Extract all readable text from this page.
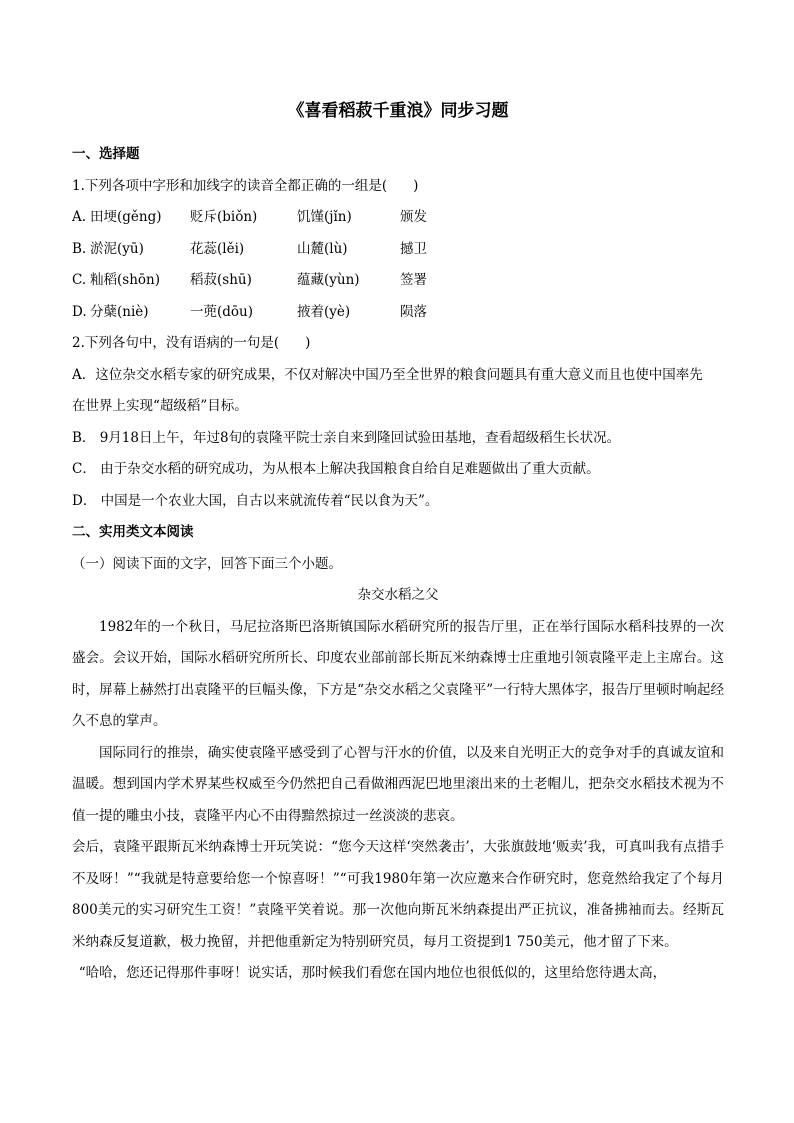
《喜看稻菽千重浪》同步习题
一、选择题
1.下列各项中字形和加线字的读音全都正确的一组是( )
A. 田埂(gěng)	贬斥(biǒn)	饥馑(jǐn)	颁发
B. 淤泥(yū)	花蕊(lěi)	山麓(lù)	撼卫
C. 籼稻(shōn)	稻菽(shū)	蕴藏(yùn)	签署
D. 分蘖(niè)	一蔸(dōu)	掖着(yè)	陨落
2.下列各句中，没有语病的一句是( )
A．这位杂交水稻专家的研究成果，不仅对解决中国乃至全世界的粮食问题具有重大意义而且也使中国率先
在世界上实现“超级稻”目标。
B． 9月18日上午，年过8旬的袁隆平院士亲自来到隆回试验田基地，查看超级稻生长状况。
C． 由于杂交水稻的研究成功，为从根本上解决我国粮食自给自足难题做出了重大贡献。
D． 中国是一个农业大国，自古以来就流传着“民以食为天”。
二、实用类文本阅读
（一）阅读下面的文字，回答下面三个小题。
杂交水稻之父

1982年的一个秋日，马尼拉洛斯巴洛斯镇国际水稻研究所的报告厅里，正在举行国际水稻科技界的一次盛会。会议开始，国际水稻研究所所长、印度农业部前部长斯瓦米纳森博士庄重地引领袁隆平走上主席台。这时，屏幕上赫然打出袁隆平的巨幅头像，下方是“杂交水稻之父袁隆平”一行特大黑体字，报告厅里顿时响起经久不息的掌声。

国际同行的推崇，确实使袁隆平感受到了心智与汗水的价值，以及来自光明正大的竞争对手的真诚友谊和温暖。想到国内学术界某些权威至今仍然把自己看做湘西泥巴地里滚出来的土老帽儿，把杂交水稻技术视为不值一提的雕虫小技，袁隆平内心不由得黯然掠过一丝淡淡的悲哀。

会后，袁隆平跟斯瓦米纳森博士开玩笑说：“您今天这样‘突然袭击’，大张旗鼓地‘贩卖’我，可真叫我有点措手不及呀！”“我就是特意要给您一个惊喜呀！”“可我1980年第一次应邀来合作研究时，您竟然给我定了个每月800美元的实习研究生工资！”袁隆平笑着说。那一次他向斯瓦米纳森提出严正抗议，准备拂袖而去。经斯瓦米纳森反复道歉，极力挽留，并把他重新定为特别研究员，每月工资提到1 750美元，他才留了下来。

“哈哈，您还记得那件事呀！说实话，那时候我们看您在国内地位也很低似的，这里给您待遇太高，
